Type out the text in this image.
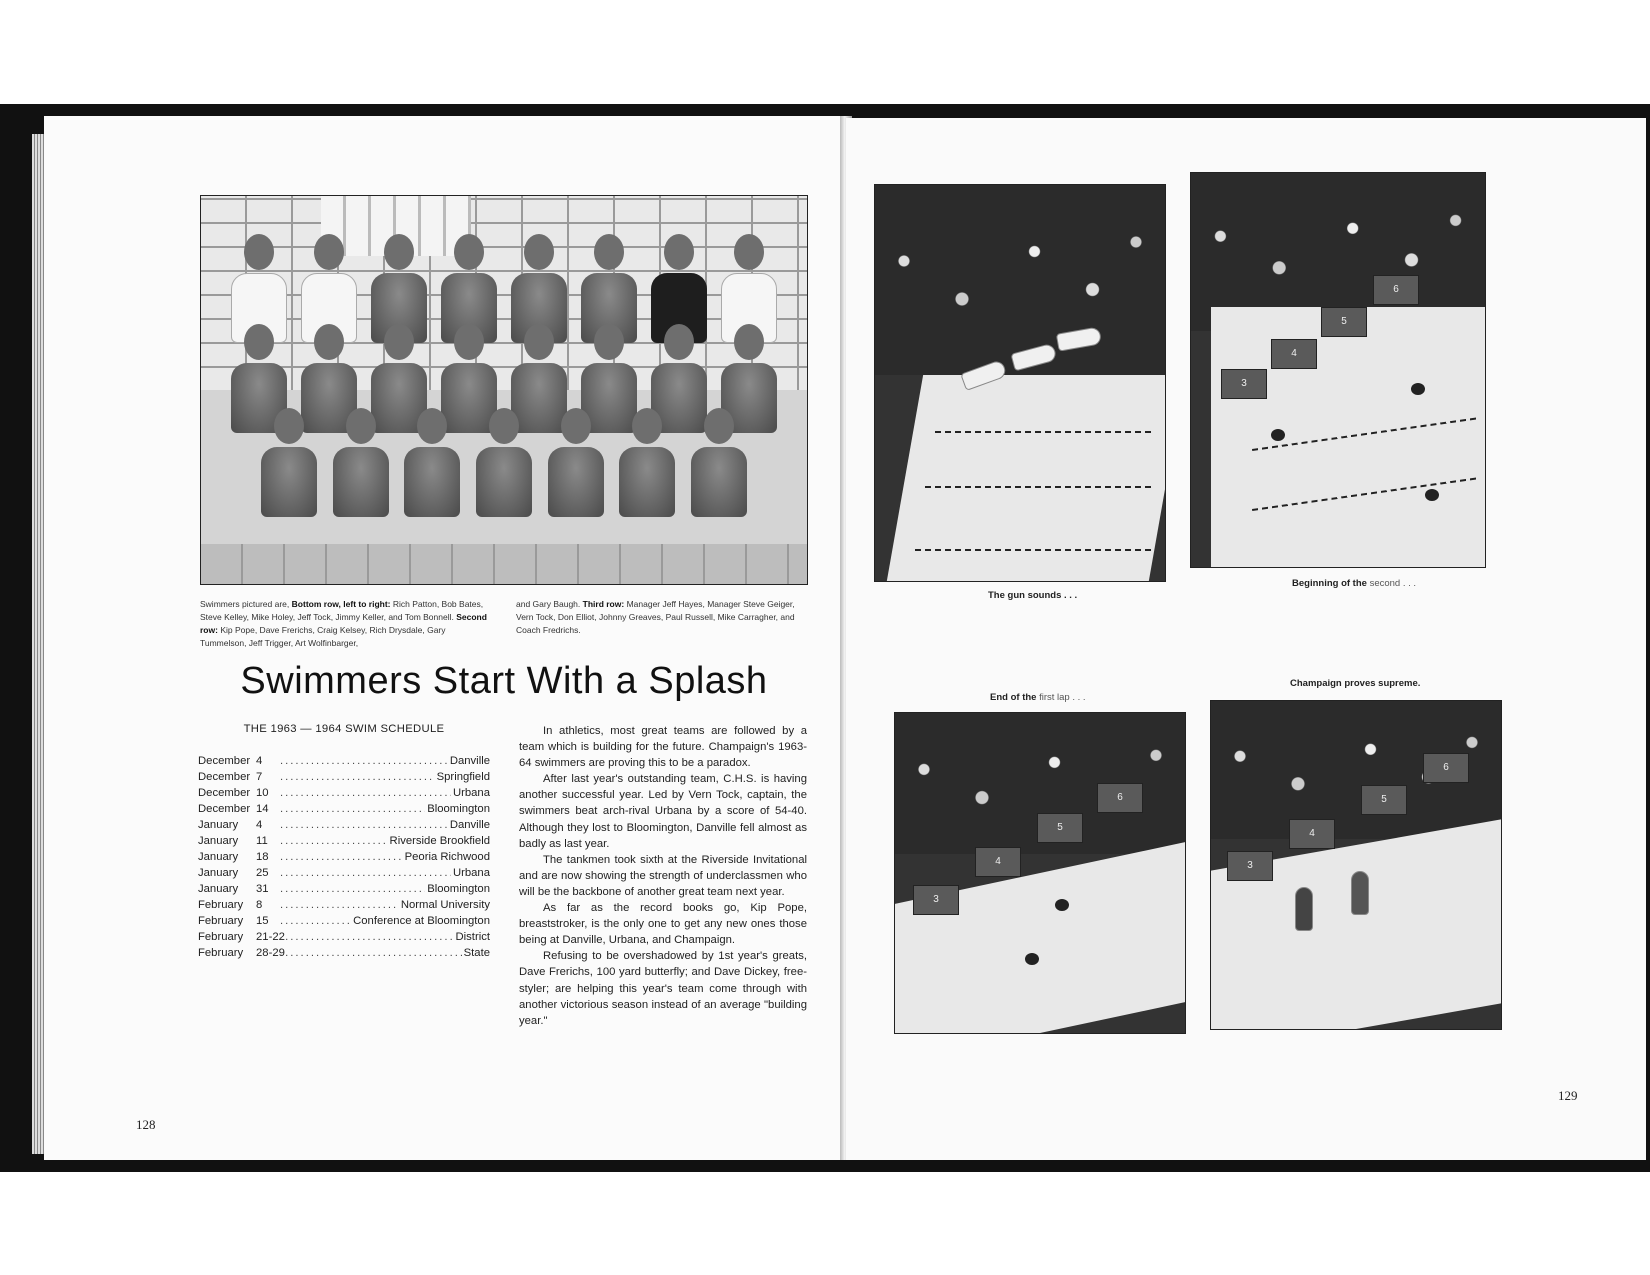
Swimmers pictured are, Bottom row, left to right: Rich Patton, Bob Bates, Steve Kelley, Mike Holey, Jeff Tock, Jimmy Keller, and Tom Bonnell. Second row: Kip Pope, Dave Frerichs, Craig Kelsey, Rich Drysdale, Gary Tummelson, Jeff Trigger, Art Wolfinbarger,

and Gary Baugh. Third row: Manager Jeff Hayes, Manager Steve Geiger, Vern Tock, Don Elliot, Johnny Greaves, Paul Russell, Mike Carragher, and Coach Fredrichs.

Swimmers Start With a Splash
THE 1963 — 1964 SWIM SCHEDULE
December 4 .....	Danville
December 7 .....	Springfield
December 10 .....	Urbana
December 14 .....	Bloomington
January	4 .....	Danville
January	11 .....	Riverside Brookfield
January	18 .....	Peoria Richwood
January	25 .....	Urbana
January	31 .....	Bloomington
February	8 .....	Normal University
February	15 .....	Conference at Bloomington
February	21-22 .....	District
February	28-29 .....	State

In athletics, most great teams are followed by a team which is building for the future. Champaign's 1963-64 swimmers are proving this to be a paradox.

After last year's outstanding team, C.H.S. is having another successful year. Led by Vern Tock, captain, the swimmers beat arch-rival Urbana by a score of 54-40. Although they lost to Bloomington, Danville fell almost as badly as last year.

The tankmen took sixth at the Riverside Invitational and are now showing the strength of underclassmen who will be the backbone of another great team next year.

As far as the record books go, Kip Pope, breaststroker, is the only one to get any new ones those being at Danville, Urbana, and Champaign.

Refusing to be overshadowed by 1st year's greats, Dave Frerichs, 100 yard butterfly; and Dave Dickey, free-styler; are helping this year's team come through with another victorious season instead of an average "building year."

128
3
4
5
6
3
4
5
6
3
4
5
6
The gun sounds . . .
Beginning of the second . . .
End of the first lap . . .
Champaign proves supreme.
129
